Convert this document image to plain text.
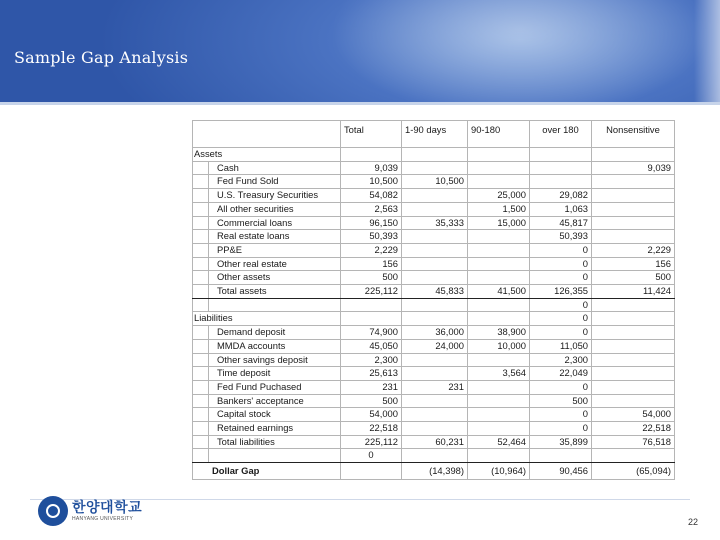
Sample Gap Analysis
		Total	1-90 days	90-180	over 180	Nonsensitive
Assets						
	Cash	9,039				9,039
	Fed Fund Sold	10,500	10,500			
	U.S. Treasury Securities	54,082		25,000	29,082	
	All other securities	2,563		1,500	1,063	
	Commercial loans	96,150	35,333	15,000	45,817	
	Real estate loans	50,393			50,393	
	PP&E	2,229			0	2,229
	Other real estate	156			0	156
	Other assets	500			0	500
	Total assets	225,112	45,833	41,500	126,355	11,424
					0	
Liabilities					0	
	Demand deposit	74,900	36,000	38,900	0	
	MMDA accounts	45,050	24,000	10,000	11,050	
	Other savings deposit	2,300			2,300	
	Time deposit	25,613		3,564	22,049	
	Fed Fund Puchased	231	231		0	
	Bankers' acceptance	500			500	
	Capital stock	54,000			0	54,000
	Retained earnings	22,518			0	22,518
	Total liabilities	225,112	60,231	52,464	35,899	76,518
		0				
Dollar Gap			(14,398)	(10,964)	90,456	(65,094)
한양대학교
HANYANG UNIVERSITY	22
